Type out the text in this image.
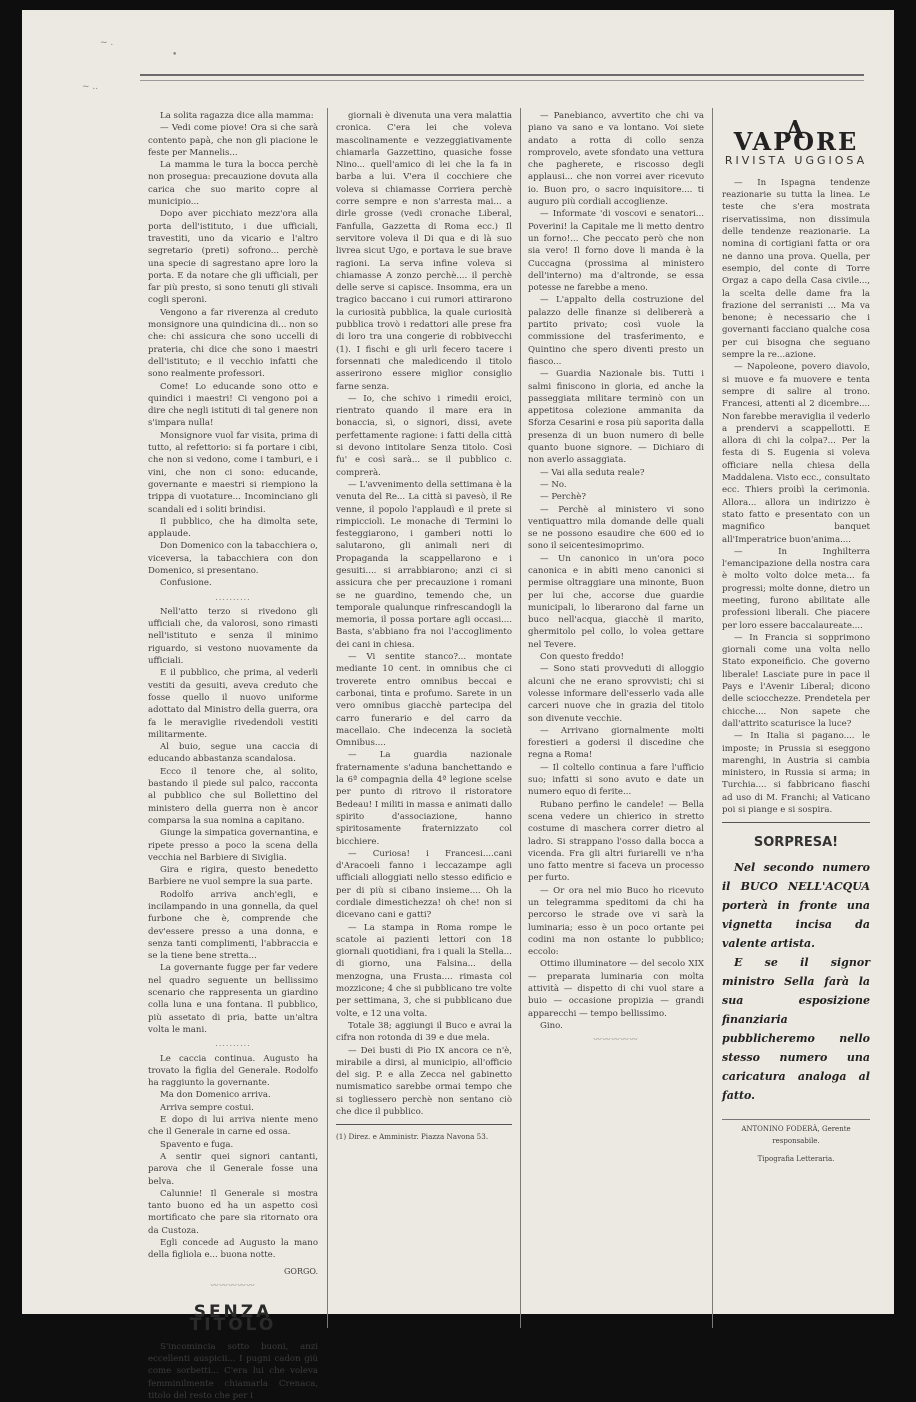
~ .
•
~ ..

La solita ragazza dice alla mamma:

— Vedi come piove! Ora si che sarà contento papà, che non gli piacione le feste per Mannelis...

La mamma le tura la bocca perchè non prosegua: precauzione dovuta alla carica che suo marito copre al municipio...

Dopo aver picchiato mezz'ora alla porta dell'istituto, i due ufficiali, travestiti, uno da vicario e l'altro segretario (preti) sofrono... perchè una specie di sagrestano apre loro la porta. E da notare che gli ufficiali, per far più presto, si sono tenuti gli stivali cogli speroni.

Vengono a far riverenza al creduto monsignore una quindicina di... non so che: chi assicura che sono uccelli di prateria, chi dice che sono i maestri dell'istituto; e il vecchio infatti che sono realmente professori.

Come! Lo educande sono otto e quindici i maestri! Ci vengono poi a dire che negli istituti di tal genere non s'impara nulla!

Monsignore vuol far visita, prima di tutto, al refettorio: si fa portare i cibi, che non si vedono, come i tamburi, e i vini, che non ci sono: educande, governante e maestri si riempiono la trippa di vuotature... Incominciano gli scandali ed i soliti brindisi.

Il pubblico, che ha dimolta sete, applaude.

Don Domenico con la tabacchiera o, viceversa, la tabacchiera con don Domenico, si presentano.

Confusione.

..........

Nell'atto terzo si rivedono gli ufficiali che, da valorosi, sono rimasti nell'istituto e senza il minimo riguardo, si vestono nuovamente da ufficiali.

E il pubblico, che prima, al vederli vestiti da gesuiti, aveva creduto che fosse quello il nuovo uniforme adottato dal Ministro della guerra, ora fa le meraviglie rivedendoli vestiti militarmente.

Al buio, segue una caccia di educando abbastanza scandalosa.

Ecco il tenore che, al solito, bastando il piede sul palco, racconta al pubblico che sul Bollettino del ministero della guerra non è ancor comparsa la sua nomina a capitano.

Giunge la simpatica governantina, e ripete presso a poco la scena della vecchia nel Barbiere di Siviglia.

Gira e rigira, questo benedetto Barbiere ne vuol sempre la sua parte.

Rodolfo arriva anch'egli, e incilampando in una gonnella, da quel furbone che è, comprende che dev'essere presso a una donna, e senza tanti complimenti, l'abbraccia e se la tiene bene stretta...

La governante fugge per far vedere nel quadro seguente un bellissimo scenario che rappresenta un giardino colla luna e una fontana. Il pubblico, più assetato di pria, batte un'altra volta le mani.

..........

Le caccia continua. Augusto ha trovato la figlia del Generale. Rodolfo ha raggiunto la governante.

Ma don Domenico arriva.

Arriva sempre costui.

E dopo di lui arriva niente meno che il Generale in carne ed ossa.

Spavento e fuga.

A sentir quei signori cantanti, parova che il Generale fosse una belva.

Calunnie! Il Generale si mostra tanto buono ed ha un aspetto così mortificato che pare sia ritornato ora da Custoza.

Egli concede ad Augusto la mano della figliola e... buona notte.

GORGO.
〰〰〰〰〰
SENZA TITOLO

S'incomincia sotto buoni, anzi eccellenti auspicii... I pugni cadon giù come sorbetti... C'era lui che voleva femminilmente chiamarla Crenaca, titolo del resto che per i

giornali è divenuta una vera malattia cronica. C'era lei che voleva mascolinamente e vezzeggiativamente chiamarla Gazzettino, quasiche fosse Nino... quell'amico di lei che la fa in barba a lui. V'era il cocchiere che voleva si chiamasse Corriera perchè corre sempre e non s'arresta mai... a dirle grosse (vedi cronache Liberal, Fanfulla, Gazzetta di Roma ecc.) Il servitore voleva il Di qua e di là suo livrea sicut Ugo, e portava le sue brave ragioni. La serva infine voleva si chiamasse A zonzo perchè.... il perchè delle serve si capisce. Insomma, era un tragico baccano i cui rumori attirarono la curiosità pubblica, la quale curiosità pubblica trovò i redattori alle prese fra di loro tra una congerie di robbivecchi (1). I fischi e gli urli fecero tacere i forsennati che maledicendo il titolo asserirono essere miglior consiglio farne senza.

— Io, che schivo i rimedii eroici, rientrato quando il mare era in bonaccia, sì, o signori, dissi, avete perfettamente ragione: i fatti della città si devono intitolare Senza titolo. Così fu' e così sarà... se il pubblico c. comprerà.

— L'avvenimento della settimana è la venuta del Re... La città si pavesò, il Re venne, il popolo l'applaudì e il prete si rimpiccioli. Le monache di Termini lo festeggiarono, i gamberi notti lo salutarono, gli animali neri di Propaganda la scappellarono e i gesuiti.... si arrabbiarono; anzi ci si assicura che per precauzione i romani se ne guardino, temendo che, un temporale qualunque rinfrescandogli la memoria, il possa portare agli occasi.... Basta, s'abbiano fra noi l'accoglimento dei cani in chiesa.

— Vi sentite stanco?... montate mediante 10 cent. in omnibus che ci troverete entro omnibus beccai e carbonai, tinta e profumo. Sarete in un vero omnibus giacchè partecipa del carro funerario e del carro da macellaio. Che indecenza la società Omnibus....

— La guardia nazionale fraternamente s'aduna banchettando e la 6ª compagnia della 4ª legione scelse per punto di ritrovo il ristoratore Bedeau! I militi in massa e animati dallo spirito d'associazione, hanno spiritosamente fraternizzato col bicchiere.

— Curiosa! i Francesi....cani d'Aracoeli fanno i leccazampe agli ufficiali alloggiati nello stesso edificio e per di più si cibano insieme.... Oh la cordiale dimestichezza! oh che! non si dicevano cani e gatti?

— La stampa in Roma rompe le scatole ai pazienti lettori con 18 giornali quotidiani, fra i quali la Stella... di giorno, una Falsina... della menzogna, una Frusta.... rimasta col mozzicone; 4 che si pubblicano tre volte per settimana, 3, che si pubblicano due volte, e 12 una volta.

Totale 38; aggiungi il Buco e avrai la cifra non rotonda di 39 e due mela.

— Dei busti di Pio IX ancora ce n'è, mirabile a dirsi, al municipio, all'officio del sig. P. e alla Zecca nel gabinetto numismatico sarebbe ormai tempo che si togliessero perchè non sentano ciò che dice il pubblico.

(1) Direz. e Amministr. Piazza Navona 53.

— Panebianco, avvertito che chi va piano va sano e va lontano. Voi siete andato a rotta di collo senza romprovelo, avete sfondato una vettura che pagherete, e riscosso degli applausi... che non vorrei aver ricevuto io. Buon pro, o sacro inquisitore.... ti auguro più cordiali accoglienze.

— Informate 'di voscovi e senatori... Poverini! la Capitale me li metto dentro un forno!... Che peccato però che non sia vero! Il forno dove li manda è la Cuccagna (prossima al ministero dell'interno) ma d'altronde, se essa potesse ne farebbe a meno.

— L'appalto della costruzione del palazzo delle finanze si delibererà a partito privato; così vuole la commissione del trasferimento, e Quintino che spero diventi presto un fiasco...

— Guardia Nazionale bis. Tutti i salmi finiscono in gloria, ed anche la passeggiata militare terminò con un appetitosa colezione ammanita da Sforza Cesarini e rosa più saporita dalla presenza di un buon numero di belle quanto buone signore. — Dichiaro di non averlo assaggiata.

— Vai alla seduta reale?

— No.

— Perchè?

— Perchè al ministero vi sono ventiquattro mila domande delle quali se ne possono esaudire che 600 ed io sono il seicentesimoprimo.

— Un canonico in un'ora poco canonica e in abiti meno canonici si permise oltraggiare una minonte, Buon per lui che, accorse due guardie municipali, lo liberarono dal farne un buco nell'acqua, giacchè il marito, ghermitolo pel collo, lo volea gettare nel Tevere.

Con questo freddo!

— Sono stati provveduti di alloggio alcuni che ne erano sprovvisti; chi si volesse informare dell'esserlo vada alle carceri nuove che in grazia del titolo son divenute vecchie.

— Arrivano giornalmente molti forestieri a godersi il discedine che regna a Roma!

— Il coltello continua a fare l'ufficio suo; infatti si sono avuto e date un numero equo di ferite...

Rubano perfino le candele! — Bella scena vedere un chierico in stretto costume di maschera correr dietro al ladro. Si strappano l'osso dalla bocca a vicenda. Fra gli altri furiarelli ve n'ha uno fatto mentre si faceva un processo per furto.

— Or ora nel mio Buco ho ricevuto un telegramma speditomi da chi ha percorso le strade ove vi sarà la luminaria; esso è un poco ortante pei codini ma non ostante lo pubblico; eccolo:

Ottimo illuminatore — del secolo XIX — preparata luminaria con molta attività — dispetto di chi vuol stare a buio — occasione propizia — grandi apparecchi — tempo bellissimo.

Gino.

〰〰〰〰〰
A VAPORE
RIVISTA UGGIOSA

— In Ispagna tendenze reazionarie su tutta la linea. Le teste che s'era mostrata riservatissima, non dissimula delle tendenze reazionarie. La nomina di cortigiani fatta or ora ne danno una prova. Quella, per esempio, del conte di Torre Orgaz a capo della Casa civile..., la scelta delle dame fra la frazione del serranisti ... Ma va benone; è necessario che i governanti facciano qualche cosa per cui bisogna che seguano sempre la re...azione.

— Napoleone, povero diavolo, si muove e fa muovere e tenta sempre di salire al trono. Francesi, attenti al 2 dicembre.... Non farebbe meraviglia il vederlo a prendervi a scappellotti. E allora di chi la colpa?... Per la festa di S. Eugenia si voleva officiare nella chiesa della Maddalena. Visto ecc., consultato ecc. Thiers proibì la cerimonia. Allora... allora un indirizzo è stato fatto e presentato con un magnifico banquet all'Imperatrice buon'anima....

— In Inghilterra l'emancipazione della nostra cara è molto volto dolce meta... fa progressi; molte donne, dietro un meeting, furono abilitate alle professioni liberali. Che piacere per loro essere baccalaureate....

— In Francia si sopprimono giornali come una volta nello Stato exponeificio. Che governo liberale! Lasciate pure in pace il Pays e l'Avenir Liberal; dicono delle sciocchezze. Prendetela per chicche.... Non sapete che dall'attrito scaturisce la luce?

— In Italia si pagano.... le imposte; in Prussia si eseggono marenghi, in Austria si cambia ministero, in Russia si arma; in Turchia.... si fabbricano fiaschi ad uso di M. Franchi; al Vaticano poi si piange e si sospira.

SORPRESA!

Nel secondo numero il BUCO NELL'ACQUA porterà in fronte una vignetta incisa da valente artista.

E se il signor ministro Sella farà la sua esposizione finanziaria pubblicheremo nello stesso numero una caricatura analoga al fatto.

ANTONINO FODERÀ, Gerente responsabile.
Tipografia Letteraria.
